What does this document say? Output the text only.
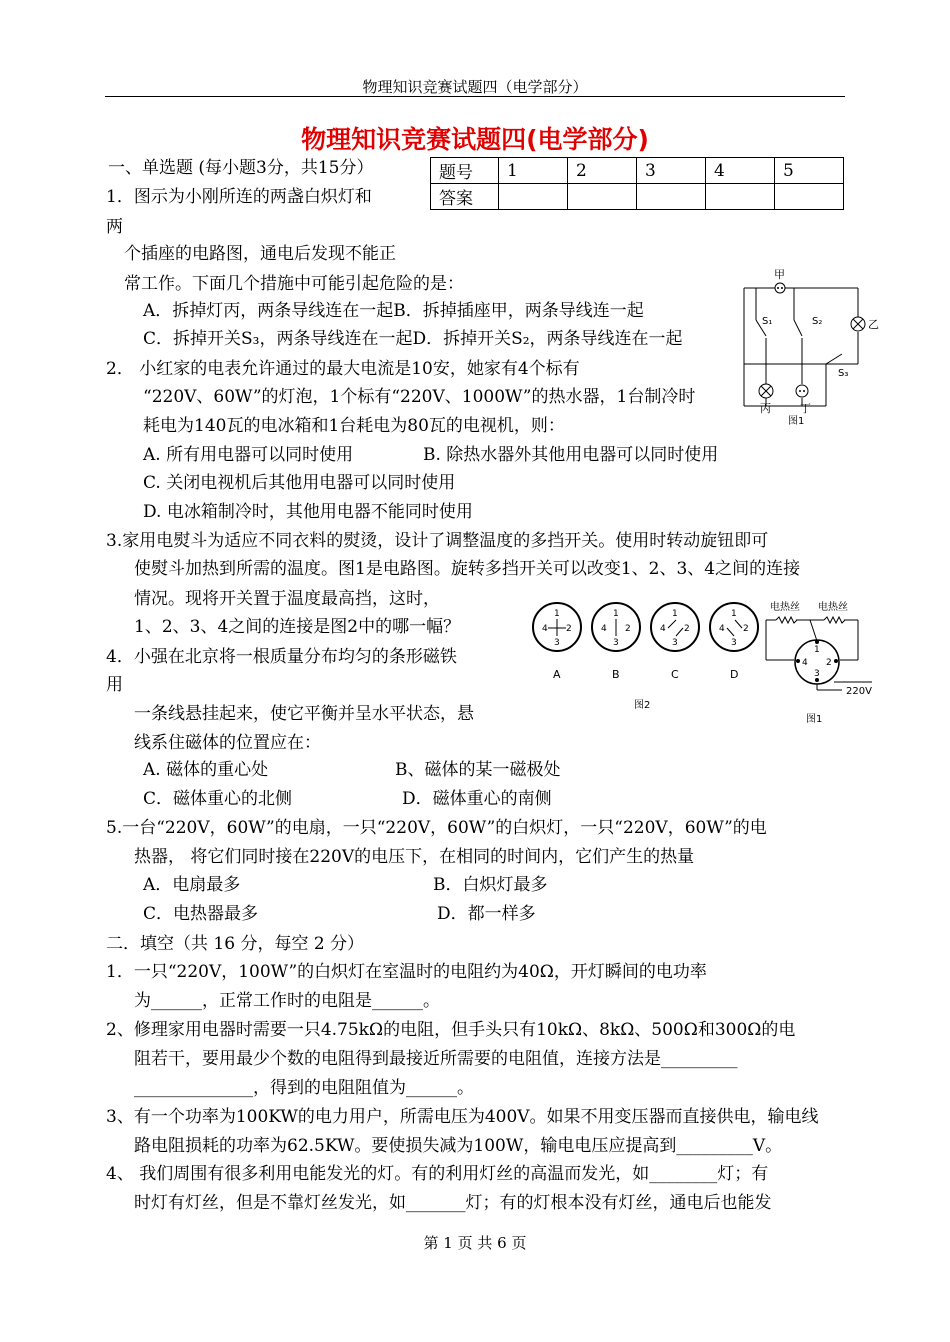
物理知识竞赛试题四（电学部分）
物理知识竞赛试题四(电学部分)
题号	1	2	3	4	5
答案					
一、单选题 (每小题3分，共15分）
1．图示为小刚所连的两盏白炽灯和
两
个插座的电路图，通电后发现不能正
常工作。下面几个措施中可能引起危险的是：
A．拆掉灯丙，两条导线连在一起B．拆掉插座甲，两条导线连一起
C．拆掉开关S₃，两条导线连在一起D．拆掉开关S₂，两条导线连在一起
2． 小红家的电表允许通过的最大电流是10安，她家有4个标有
“220V、60W”的灯泡，1个标有“220V、1000W”的热水器，1台制冷时
耗电为140瓦的电冰箱和1台耗电为80瓦的电视机，则：
A. 所有用电器可以同时使用	B. 除热水器外其他用电器可以同时使用
C. 关闭电视机后其他用电器可以同时使用
D. 电冰箱制冷时，其他用电器不能同时使用
3.家用电熨斗为适应不同衣料的熨烫，设计了调整温度的多挡开关。使用时转动旋钮即可
使熨斗加热到所需的温度。图1是电路图。旋转多挡开关可以改变1、2、3、4之间的连接
情况。现将开关置于温度最高挡，这时，
1、2、3、4之间的连接是图2中的哪一幅？
4．小强在北京将一根质量分布均匀的条形磁铁
用
一条线悬挂起来，使它平衡并呈水平状态，悬
线系住磁体的位置应在：
A. 磁体的重心处	B、磁体的某一磁极处
C．磁体重心的北侧	D．磁体重心的南侧
5.一台“220V，60W”的电扇，一只“220V，60W”的白炽灯，一只“220V，60W”的电
热器， 将它们同时接在220V的电压下，在相同的时间内，它们产生的热量
A．电扇最多	B．白炽灯最多
C．电热器最多	D．都一样多
二．填空（共 16 分，每空 2 分）
1．一只“220V，100W”的白炽灯在室温时的电阻约为40Ω，开灯瞬间的电功率
为______，正常工作时的电阻是______。
2、修理家用电器时需要一只4.75kΩ的电阻，但手头只有10kΩ、8kΩ、500Ω和300Ω的电
阻若干，要用最少个数的电阻得到最接近所需要的电阻值，连接方法是_________
______________，得到的电阻阻值为______。
3、有一个功率为100KW的电力用户，所需电压为400V。如果不用变压器而直接供电，输电线
路电阻损耗的功率为62.5KW。要使损失减为100W，输电电压应提高到_________V。
4、 我们周围有很多利用电能发光的灯。有的利用灯丝的高温而发光，如________灯；有
时灯有灯丝，但是不靠灯丝发光，如_______灯；有的灯根本没有灯丝，通电后也能发
甲
乙
S₁	S₂
S₃
丙	丁
图1
1
4 2
3
1
4 2
3
1
4 2
3
1
4 2
3
A	B	C	D
图2
电热丝 电热丝
1
4 2
3
220V
图1
第 1 页 共 6 页
